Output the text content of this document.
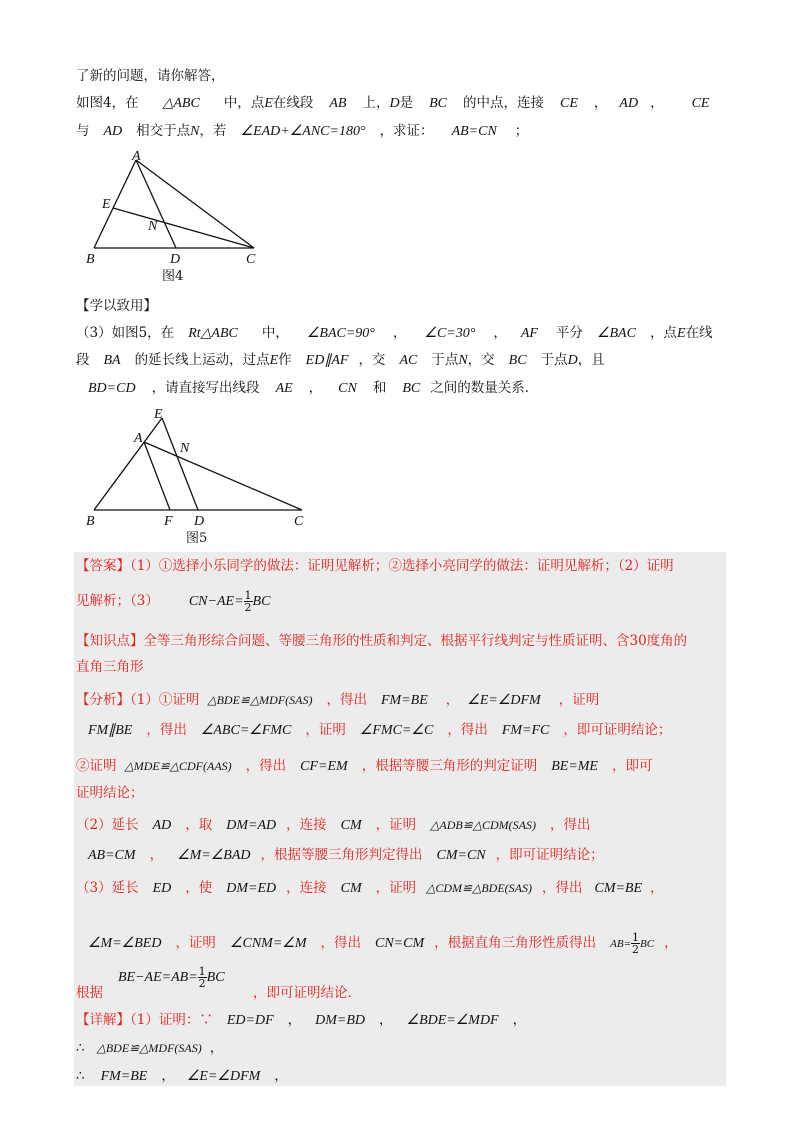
了新的问题，请你解答，
如图4，在 △ABC 中，点E在线段 AB 上，D是 BC 的中点，连接 CE ， AD ， CE
与 AD 相交于点N，若 ∠EAD+∠ANC=180° ，求证： AB=CN ；
A
E
N
B	D	C
图4
【学以致用】
（3）如图5，在 Rt△ABC 中， ∠BAC=90° ， ∠C=30° ， AF 平分 ∠BAC ，点E在线
段 BA 的延长线上运动，过点E作 ED∥AF ，交 AC 于点N，交 BC 于点D，且
BD=CD ，请直接写出线段 AE ， CN 和 BC 之间的数量关系．
E
A
N
B	F D	C
图5
【答案】（1）①选择小乐同学的做法：证明见解析；②选择小亮同学的做法：证明见解析；（2）证明
见解析；（3） $CN-AE= \frac{1}{2}$ BC
【知识点】全等三角形综合问题、等腰三角形的性质和判定、根据平行线判定与性质证明、含30度角的
直角三角形
【分析】（1）①证明 △BDE≌△MDF(SAS) ，得出 FM=BE ， ∠E=∠DFM ，证明
FM∥BE ，得出 ∠ABC=∠FMC ，证明 ∠FMC=∠C ，得出 FM=FC ，即可证明结论；
②证明 △MDE≌△CDF(AAS) ，得出 CF=EM ，根据等腰三角形的判定证明 BE=ME ，即可
证明结论；
（2）延长 AD ，取 DM=AD ，连接 CM ，证明 △ADB≌△CDM(SAS) ，得出
AB=CM ， ∠M=∠BAD ，根据等腰三角形判定得出 CM=CN ，即可证明结论；
（3）延长 ED ，使 DM=ED ，连接 CM ，证明 △CDM≌△BDE(SAS) ，得出 CM=BE ，
∠M=∠BED ，证明 ∠CNM=∠M ，得出 CN=CM ，根据直角三角形性质得出 $AB= \frac{1}{2}$ BC ，
$BE-AE=AB= \frac{1}{2}$ BC
根据	，即可证明结论．
【详解】（1）证明：∵ ED=DF ， DM=BD ， ∠BDE=∠MDF ，
∴ △BDE≌△MDF(SAS) ，
∴ FM=BE ， ∠E=∠DFM ，
